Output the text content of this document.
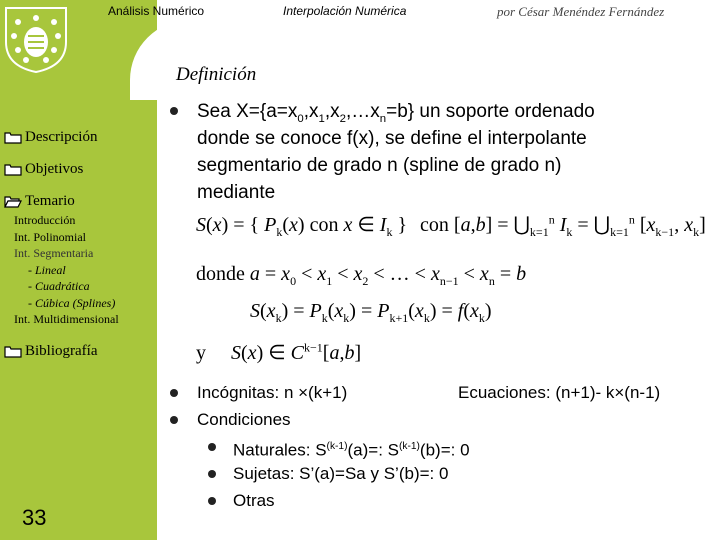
Análisis Numérico	Interpolación Numérica	por César Menéndez Fernández
Definición
Descripción
Objetivos
Temario
Introducción
Int. Polinomial
Int. Segmentaria
- Lineal
- Cuadrática
- Cúbica (Splines)
Int. Multidimensional
Bibliografía
33
Sea $X=\{a=x_0,x_1,x_2,\dots x_n=b\}$ un soporte ordenado
donde se conoce f(x), se define el interpolante
segmentario de grado n (spline de grado n)
mediante
S(x) = { $P_k(x)$ con x ∈ $I_k$ } con $[a,b] = ⋃_{k=1}^n$ $I_k$ = $⋃_{k=1}^n$ [$x_{k-1}$, $x_k$]
donde $a = x_0 < x_1 < x_2$ < … < $x_{n-1} < x_n = b$
$S(x_k) = P_k(x_k) = P_{k+1}(x_k) = f(x_k)$
y S(x) ∈ $C^{k-1}[a,b]$
Incógnitas: n ×(k+1)	Ecuaciones: (n+1)- k×(n-1)
Condiciones
Naturales: $S^{(k-1)}(a)=$: $S^{(k-1)}(b)=$: 0
Sujetas: S’(a)=Sa y S’(b)=: 0
Otras
